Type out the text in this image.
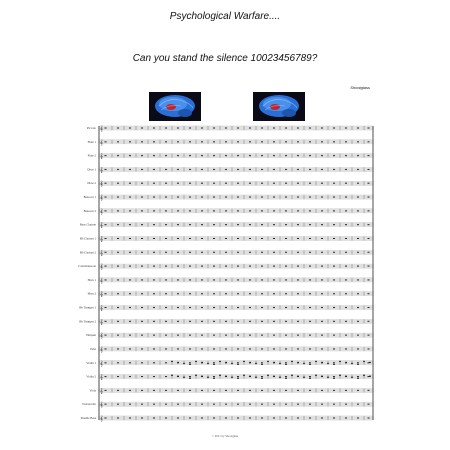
Psychological Warfare....
Can you stand the silence 10023456789?
Shootglass
𝄞
Piccolo
𝄞
Flute 1
𝄞
Flute 2
𝄞
Oboe 1
𝄞
Oboe 2
𝄞
Bassoon 1
𝄞
Bassoon 2
𝄞
Bass Clarinet
𝄞
Bb Clarinet 1
𝄞
Bb Clarinet 2
𝄞
Contrabassoon
𝄞
Horn 1
𝄞
Horn 2
𝄞
Bb Trumpet 1
𝄞
Bb Trumpet 2
𝄞
Timpani
𝄞
Tuba
𝄞
Violin 1
𝄞
Violin 2
𝄞
Viola
𝄞
Violoncello
𝄞
Double Bass
© 2011 by Shootglass
